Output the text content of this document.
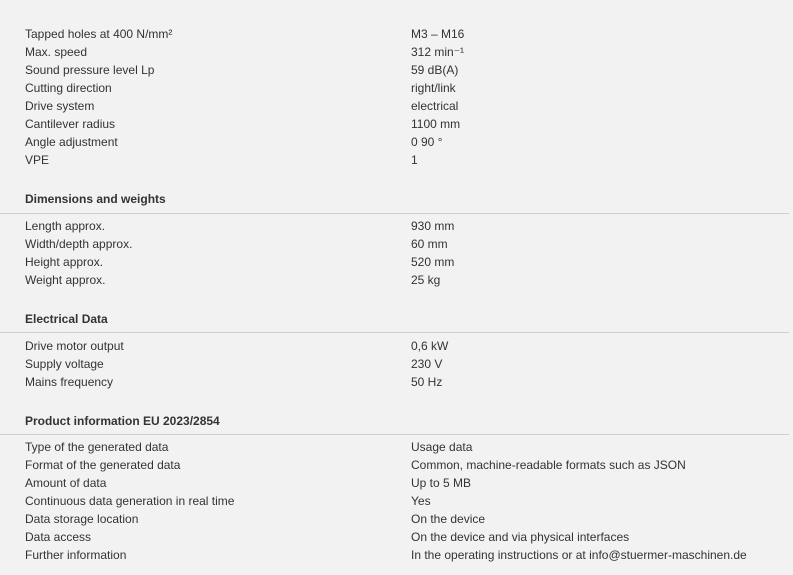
Tapped holes at 400 N/mm²	M3 – M16
Max. speed	312 min⁻¹
Sound pressure level Lp	59 dB(A)
Cutting direction	right/link
Drive system	electrical
Cantilever radius	1100 mm
Angle adjustment	0 90 °
VPE	1
Dimensions and weights
Length approx.	930 mm
Width/depth approx.	60 mm
Height approx.	520 mm
Weight approx.	25 kg
Electrical Data
Drive motor output	0,6 kW
Supply voltage	230 V
Mains frequency	50 Hz
Product information EU 2023/2854
Type of the generated data	Usage data
Format of the generated data	Common, machine-readable formats such as JSON
Amount of data	Up to 5 MB
Continuous data generation in real time	Yes
Data storage location	On the device
Data access	On the device and via physical interfaces
Further information	In the operating instructions or at info@stuermer-maschinen.de
